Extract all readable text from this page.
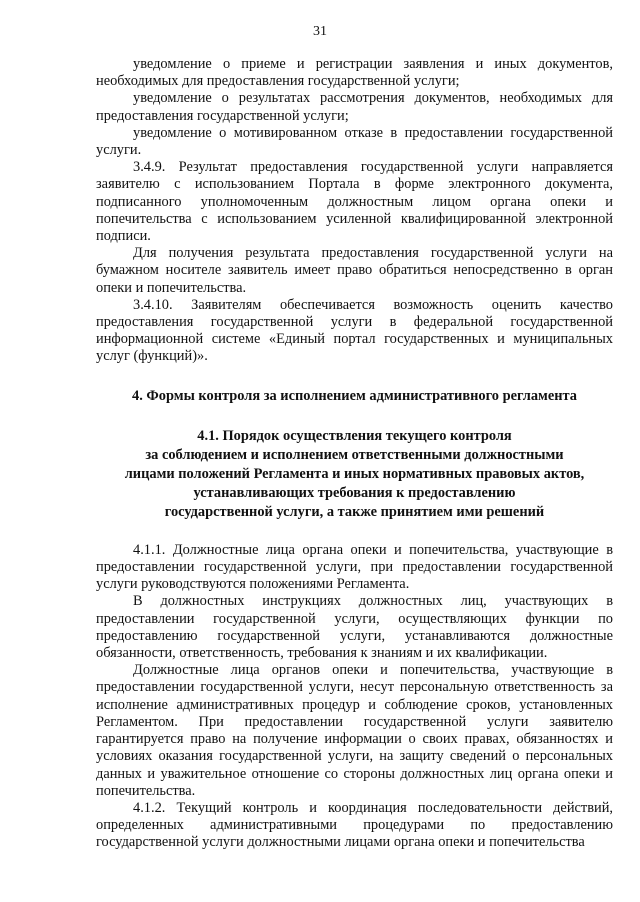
31

уведомление о приеме и регистрации заявления и иных документов, необходимых для предоставления государственной услуги;

уведомление о результатах рассмотрения документов, необходимых для предоставления государственной услуги;

уведомление о мотивированном отказе в предоставлении государственной услуги.

3.4.9. Результат предоставления государственной услуги направляется заявителю с использованием Портала в форме электронного документа, подписанного уполномоченным должностным лицом органа опеки и попечительства с использованием усиленной квалифицированной электронной подписи.

Для получения результата предоставления государственной услуги на бумажном носителе заявитель имеет право обратиться непосредственно в орган опеки и попечительства.

3.4.10. Заявителям обеспечивается возможность оценить качество предоставления государственной услуги в федеральной государственной информационной системе «Единый портал государственных и муниципальных услуг (функций)».

4. Формы контроля за исполнением административного регламента

4.1. Порядок осуществления текущего контроля

за соблюдением и исполнением ответственными должностными

лицами положений Регламента и иных нормативных правовых актов,

устанавливающих требования к предоставлению

государственной услуги, а также принятием ими решений

4.1.1. Должностные лица органа опеки и попечительства, участвующие в предоставлении государственной услуги, при предоставлении государственной услуги руководствуются положениями Регламента.

В должностных инструкциях должностных лиц, участвующих в предоставлении государственной услуги, осуществляющих функции по предоставлению государственной услуги, устанавливаются должностные обязанности, ответственность, требования к знаниям и их квалификации.

Должностные лица органов опеки и попечительства, участвующие в предоставлении государственной услуги, несут персональную ответственность за исполнение административных процедур и соблюдение сроков, установленных Регламентом. При предоставлении государственной услуги заявителю гарантируется право на получение информации о своих правах, обязанностях и условиях оказания государственной услуги, на защиту сведений о персональных данных и уважительное отношение со стороны должностных лиц органа опеки и попечительства.

4.1.2. Текущий контроль и координация последовательности действий, определенных административными процедурами по предоставлению государственной услуги должностными лицами органа опеки и попечительства
